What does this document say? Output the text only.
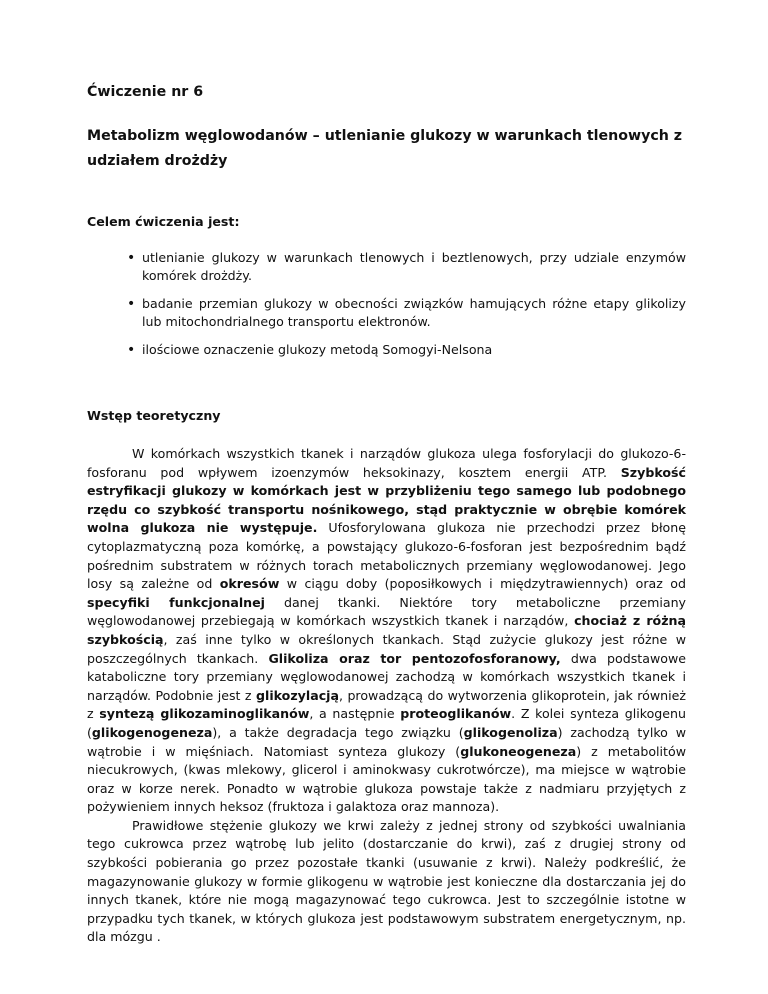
Ćwiczenie nr 6
Metabolizm węglowodanów – utlenianie glukozy w warunkach tlenowych z udziałem drożdży
Celem ćwiczenia jest:
• utlenianie glukozy w warunkach tlenowych i beztlenowych, przy udziale enzymów komórek drożdży.
• badanie przemian glukozy w obecności związków hamujących różne etapy glikolizy lub mitochondrialnego transportu elektronów.
• ilościowe oznaczenie glukozy metodą Somogyi-Nelsona
Wstęp teoretyczny

W komórkach wszystkich tkanek i narządów glukoza ulega fosforylacji do glukozo-6-fosforanu pod wpływem izoenzymów heksokinazy, kosztem energii ATP. Szybkość estryfikacji glukozy w komórkach jest w przybliżeniu tego samego lub podobnego rzędu co szybkość transportu nośnikowego, stąd praktycznie w obrębie komórek wolna glukoza nie występuje. Ufosforylowana glukoza nie przechodzi przez błonę cytoplazmatyczną poza komórkę, a powstający glukozo-6-fosforan jest bezpośrednim bądź pośrednim substratem w różnych torach metabolicznych przemiany węglowodanowej. Jego losy są zależne od okresów w ciągu doby (poposiłkowych i międzytrawiennych) oraz od specyfiki funkcjonalnej danej tkanki. Niektóre tory metaboliczne przemiany węglowodanowej przebiegają w komórkach wszystkich tkanek i narządów, chociaż z różną szybkością, zaś inne tylko w określonych tkankach. Stąd zużycie glukozy jest różne w poszczególnych tkankach. Glikoliza oraz tor pentozofosforanowy, dwa podstawowe kataboliczne tory przemiany węglowodanowej zachodzą w komórkach wszystkich tkanek i narządów. Podobnie jest z glikozylacją, prowadzącą do wytworzenia glikoprotein, jak również z syntezą glikozaminoglikanów, a następnie proteoglikanów. Z kolei synteza glikogenu (glikogenogeneza), a także degradacja tego związku (glikogenoliza) zachodzą tylko w wątrobie i w mięśniach. Natomiast synteza glukozy (glukoneogeneza) z metabolitów niecukrowych, (kwas mlekowy, glicerol i aminokwasy cukrotwórcze), ma miejsce w wątrobie oraz w korze nerek. Ponadto w wątrobie glukoza powstaje także z nadmiaru przyjętych z pożywieniem innych heksoz (fruktoza i galaktoza oraz mannoza).

Prawidłowe stężenie glukozy we krwi zależy z jednej strony od szybkości uwalniania tego cukrowca przez wątrobę lub jelito (dostarczanie do krwi), zaś z drugiej strony od szybkości pobierania go przez pozostałe tkanki (usuwanie z krwi). Należy podkreślić, że magazynowanie glukozy w formie glikogenu w wątrobie jest konieczne dla dostarczania jej do innych tkanek, które nie mogą magazynować tego cukrowca. Jest to szczególnie istotne w przypadku tych tkanek, w których glukoza jest podstawowym substratem energetycznym, np. dla mózgu .
